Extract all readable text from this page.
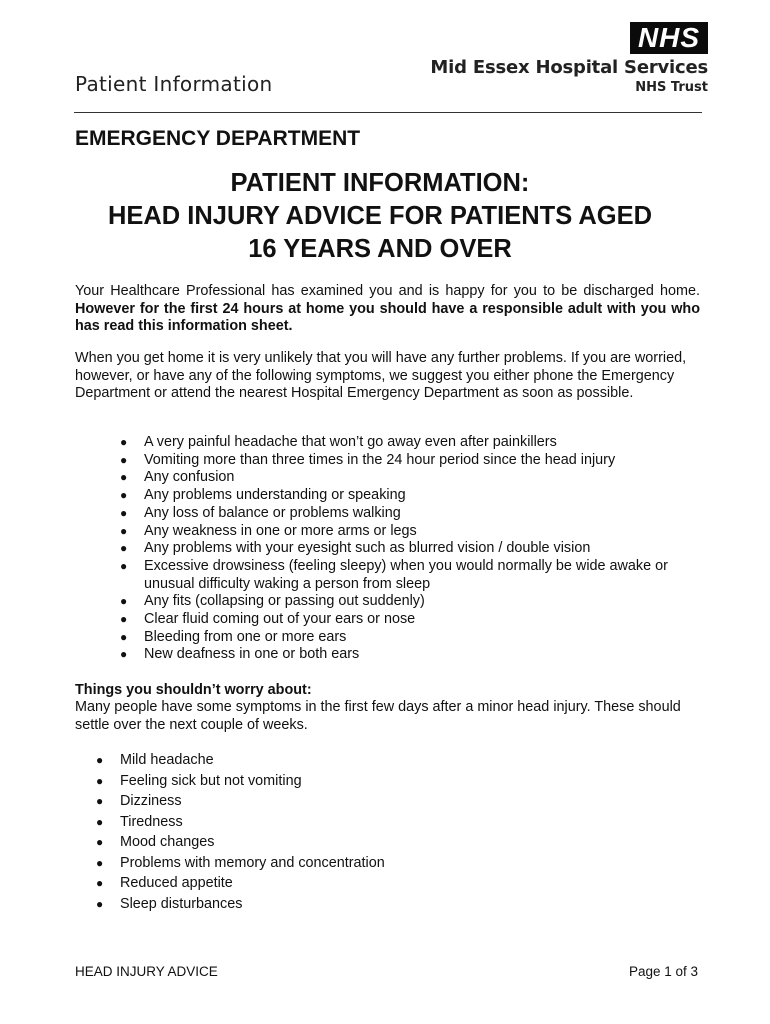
Patient Information
NHS
Mid Essex Hospital Services
NHS Trust
EMERGENCY DEPARTMENT
PATIENT INFORMATION:
HEAD INJURY ADVICE FOR PATIENTS AGED
16 YEARS AND OVER
Your Healthcare Professional has examined you and is happy for you to be discharged home. However for the first 24 hours at home you should have a responsible adult with you who has read this information sheet.
When you get home it is very unlikely that you will have any further problems. If you are worried, however, or have any of the following symptoms, we suggest you either phone the Emergency Department or attend the nearest Hospital Emergency Department as soon as possible.
● A very painful headache that won’t go away even after painkillers
● Vomiting more than three times in the 24 hour period since the head injury
● Any confusion
● Any problems understanding or speaking
● Any loss of balance or problems walking
● Any weakness in one or more arms or legs
● Any problems with your eyesight such as blurred vision / double vision
● Excessive drowsiness (feeling sleepy) when you would normally be wide awake or unusual difficulty waking a person from sleep
● Any fits (collapsing or passing out suddenly)
● Clear fluid coming out of your ears or nose
● Bleeding from one or more ears
● New deafness in one or both ears
Things you shouldn’t worry about:
Many people have some symptoms in the first few days after a minor head injury. These should settle over the next couple of weeks.
● Mild headache
● Feeling sick but not vomiting
● Dizziness
● Tiredness
● Mood changes
● Problems with memory and concentration
● Reduced appetite
● Sleep disturbances
HEAD INJURY ADVICE	Page 1 of 3
